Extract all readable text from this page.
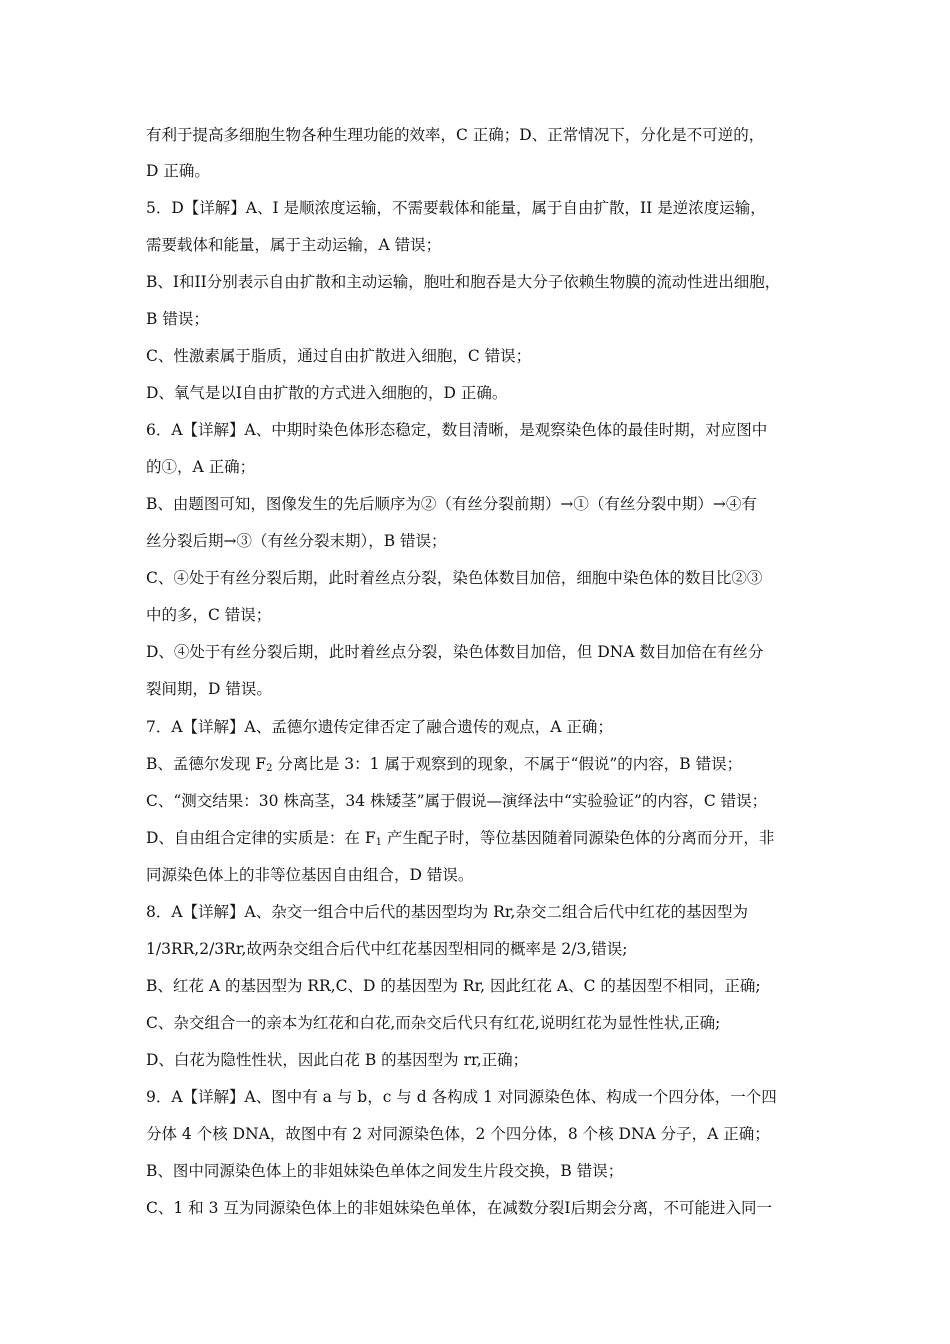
有利于提高多细胞生物各种生理功能的效率，C 正确；D、正常情况下，分化是不可逆的，
D 正确。
5．D【详解】A、I 是顺浓度运输，不需要载体和能量，属于自由扩散，II 是逆浓度运输，
需要载体和能量，属于主动运输，A 错误；
B、I和II分别表示自由扩散和主动运输，胞吐和胞吞是大分子依赖生物膜的流动性进出细胞，
B 错误；
C、性激素属于脂质，通过自由扩散进入细胞，C 错误；
D、氧气是以I自由扩散的方式进入细胞的，D 正确。
6．A【详解】A、中期时染色体形态稳定，数目清晰，是观察染色体的最佳时期，对应图中
的①，A 正确；
B、由题图可知，图像发生的先后顺序为②（有丝分裂前期）→①（有丝分裂中期）→④有
丝分裂后期→③（有丝分裂末期），B 错误；
C、④处于有丝分裂后期，此时着丝点分裂，染色体数目加倍，细胞中染色体的数目比②③
中的多，C 错误；
D、④处于有丝分裂后期，此时着丝点分裂，染色体数目加倍，但 DNA 数目加倍在有丝分
裂间期，D 错误。
7．A【详解】A、孟德尔遗传定律否定了融合遗传的观点，A 正确；
B、孟德尔发现 $F_2$ 分离比是 3：1 属于观察到的现象，不属于“假说”的内容，B 错误；
C、“测交结果：30 株高茎，34 株矮茎”属于假说—演绎法中“实验验证”的内容，C 错误；
D、自由组合定律的实质是：在 $F_1$ 产生配子时，等位基因随着同源染色体的分离而分开，非
同源染色体上的非等位基因自由组合，D 错误。
8．A【详解】A、杂交一组合中后代的基因型均为 Rr,杂交二组合后代中红花的基因型为
1/3RR,2/3Rr,故两杂交组合后代中红花基因型相同的概率是 2/3,错误;
B、红花 A 的基因型为 RR,C、D 的基因型为 Rr, 因此红花 A、C 的基因型不相同，正确;
C、杂交组合一的亲本为红花和白花,而杂交后代只有红花,说明红花为显性性状,正确;
D、白花为隐性性状，因此白花 B 的基因型为 rr,正确；
9．A【详解】A、图中有 a 与 b，c 与 d 各构成 1 对同源染色体、构成一个四分体，一个四
分体 4 个核 DNA，故图中有 2 对同源染色体，2 个四分体，8 个核 DNA 分子，A 正确；
B、图中同源染色体上的非姐妹染色单体之间发生片段交换，B 错误；
C、1 和 3 互为同源染色体上的非姐妹染色单体，在减数分裂I后期会分离，不可能进入同一
